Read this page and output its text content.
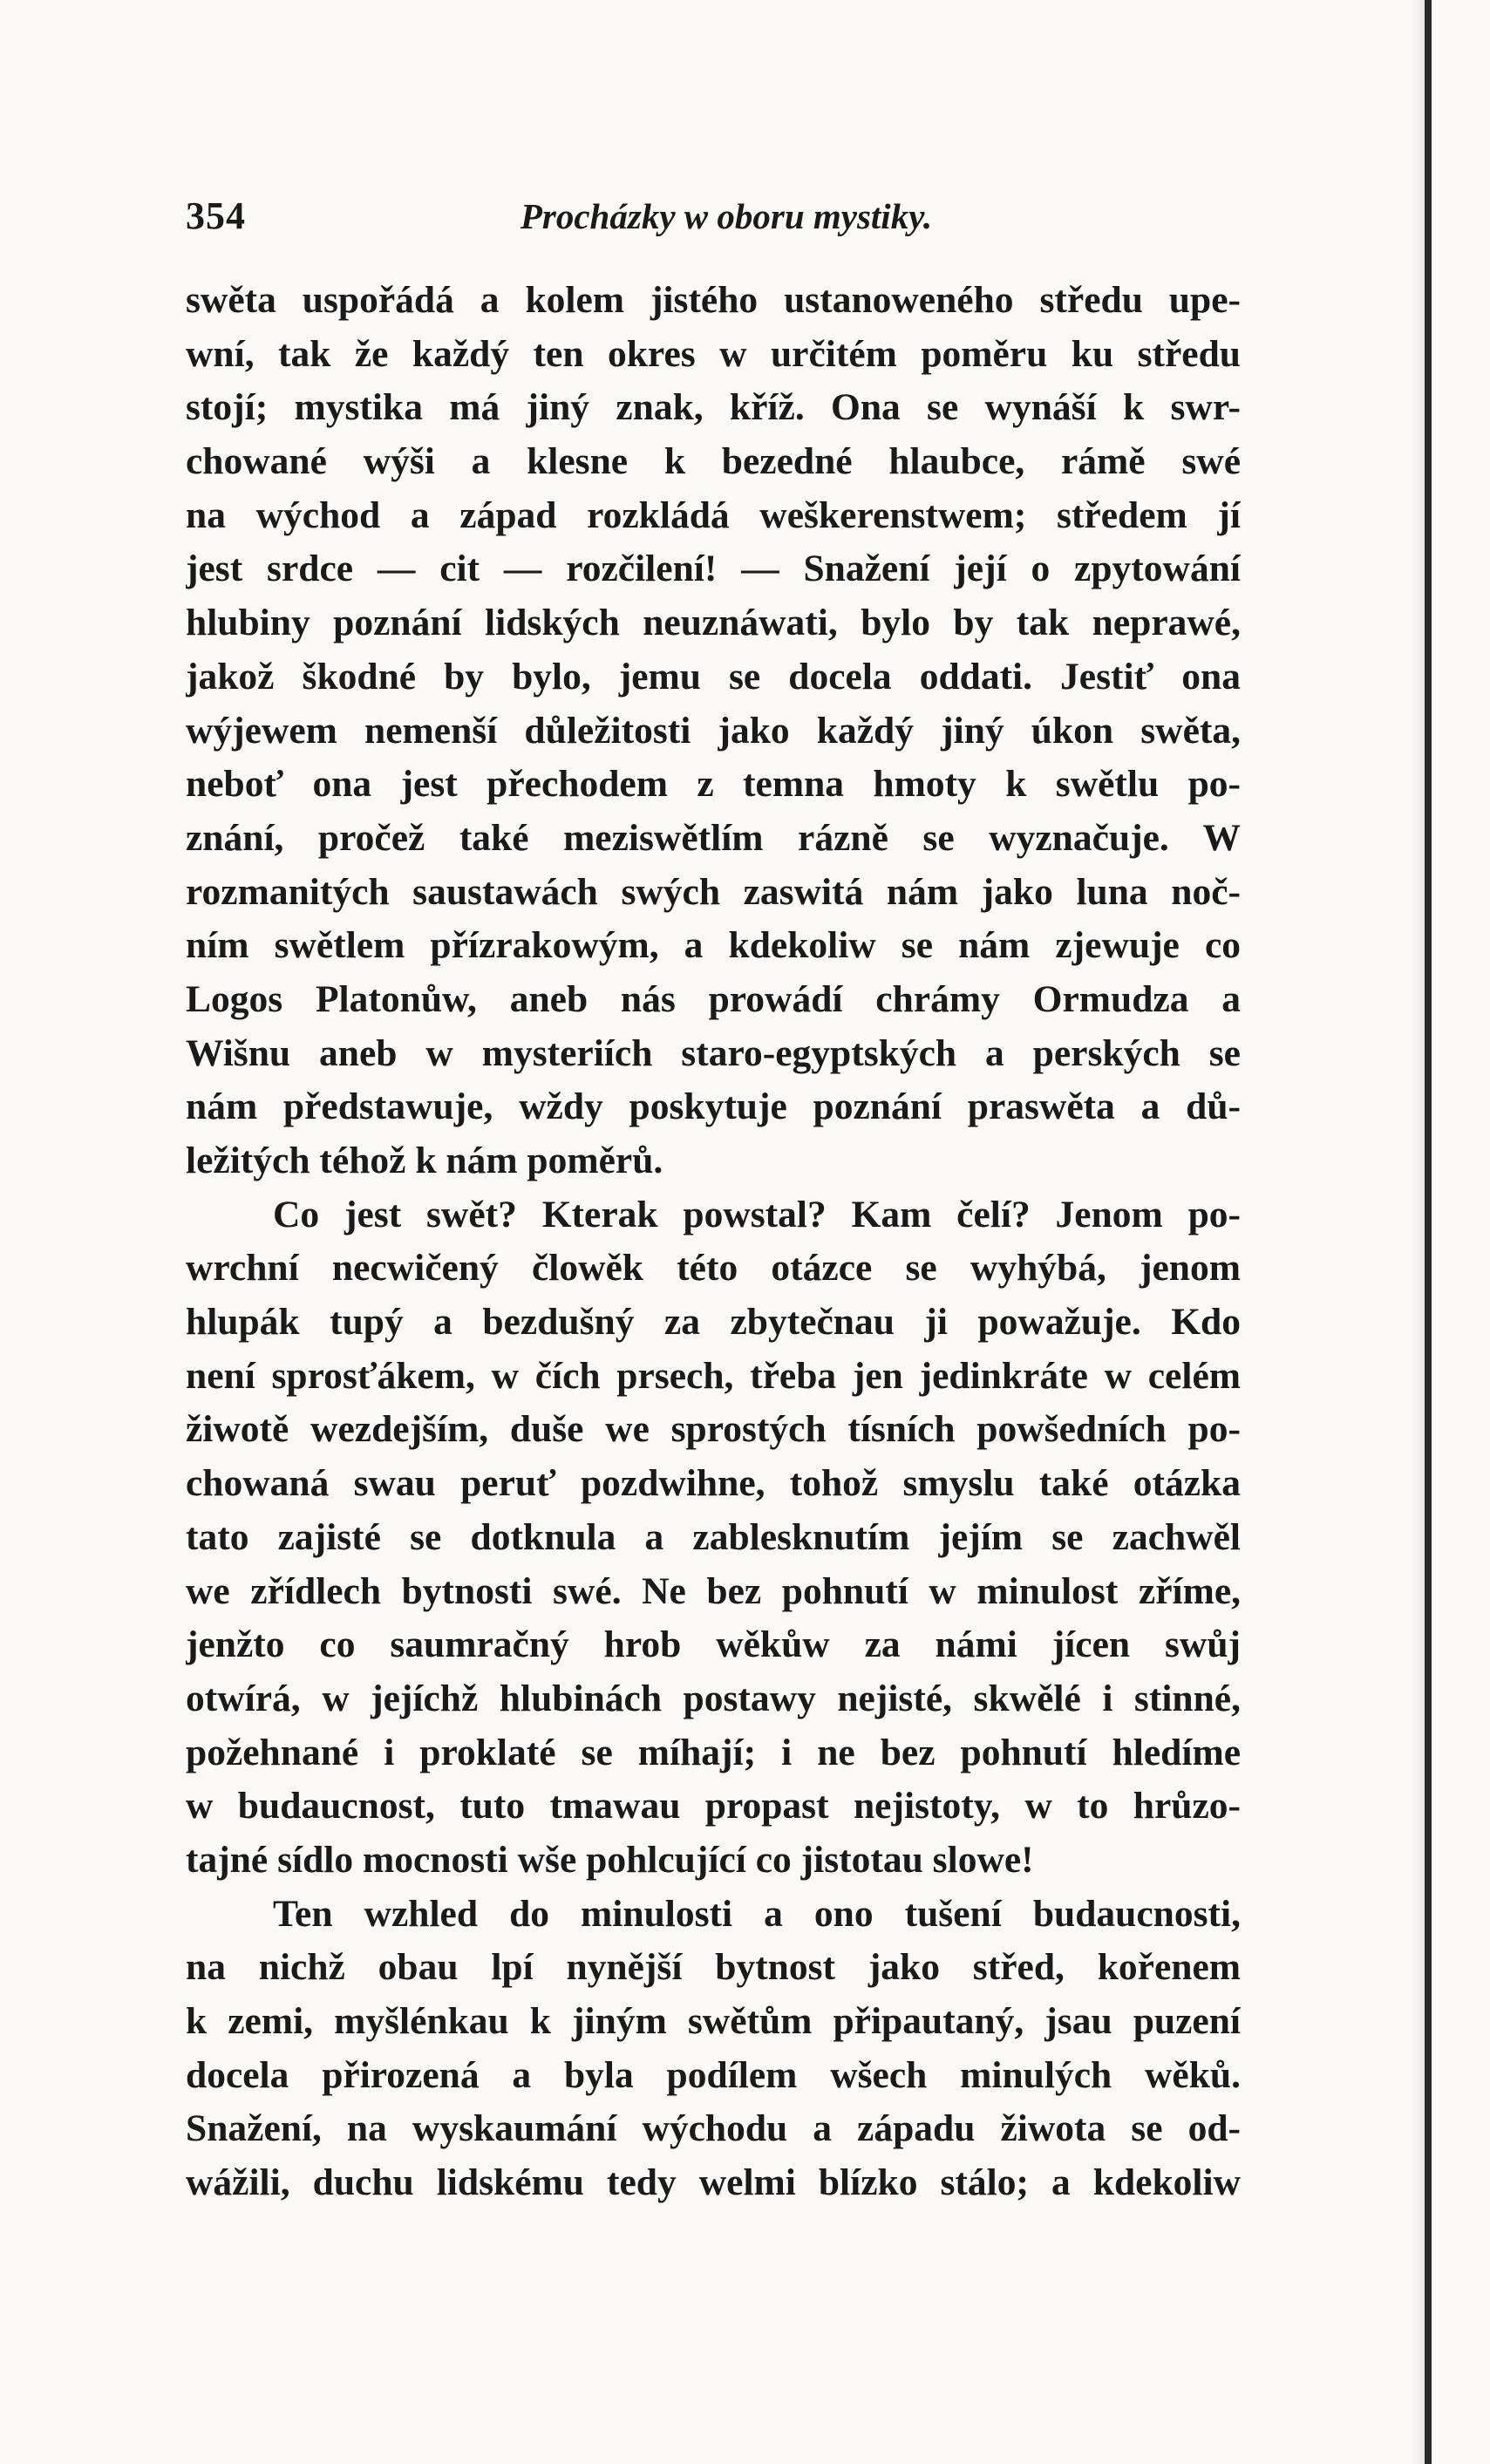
354	Procházky w oboru mystiky.
swěta uspořádá a kolem jistého ustanoweného středu upe-
wní, tak že každý ten okres w určitém poměru ku středu
stojí; mystika má jiný znak, kříž. Ona se wynáší k swr-
chowané wýši a klesne k bezedné hlaubce, rámě swé
na wýchod a západ rozkládá weškerenstwem; středem jí
jest srdce — cit — rozčilení! — Snažení její o zpytowání
hlubiny poznání lidských neuznáwati, bylo by tak neprawé,
jakož škodné by bylo, jemu se docela oddati. Jestiť ona
wýjewem nemenší důležitosti jako každý jiný úkon swěta,
neboť ona jest přechodem z temna hmoty k swětlu po-
znání, pročež také meziswětlím rázně se wyznačuje. W
rozmanitých saustawách swých zaswitá nám jako luna noč-
ním swětlem přízrakowým, a kdekoliw se nám zjewuje co
Logos Platonůw, aneb nás prowádí chrámy Ormudza a
Wišnu aneb w mysteriích staro-egyptských a perských se
nám předstawuje, wždy poskytuje poznání praswěta a dů-
ležitých téhož k nám poměrů.
Co jest swět? Kterak powstal? Kam čelí? Jenom po-
wrchní necwičený člowěk této otázce se wyhýbá, jenom
hlupák tupý a bezdušný za zbytečnau ji powažuje. Kdo
není sprosťákem, w čích prsech, třeba jen jedinkráte w celém
žiwotě wezdejším, duše we sprostých tísních powšedních po-
chowaná swau peruť pozdwihne, tohož smyslu také otázka
tato zajisté se dotknula a zablesknutím jejím se zachwěl
we zřídlech bytnosti swé. Ne bez pohnutí w minulost zříme,
jenžto co saumračný hrob wěkůw za námi jícen swůj
otwírá, w jejíchž hlubinách postawy nejisté, skwělé i stinné,
požehnané i proklaté se míhají; i ne bez pohnutí hledíme
w budaucnost, tuto tmawau propast nejistoty, w to hrůzo-
tajné sídlo mocnosti wše pohlcující co jistotau slowe!
Ten wzhled do minulosti a ono tušení budaucnosti,
na nichž obau lpí nynější bytnost jako střed, kořenem
k zemi, myšlénkau k jiným swětům připautaný, jsau puzení
docela přirozená a byla podílem wšech minulých wěků.
Snažení, na wyskaumání wýchodu a západu žiwota se od-
wážili, duchu lidskému tedy welmi blízko stálo; a kdekoliw
